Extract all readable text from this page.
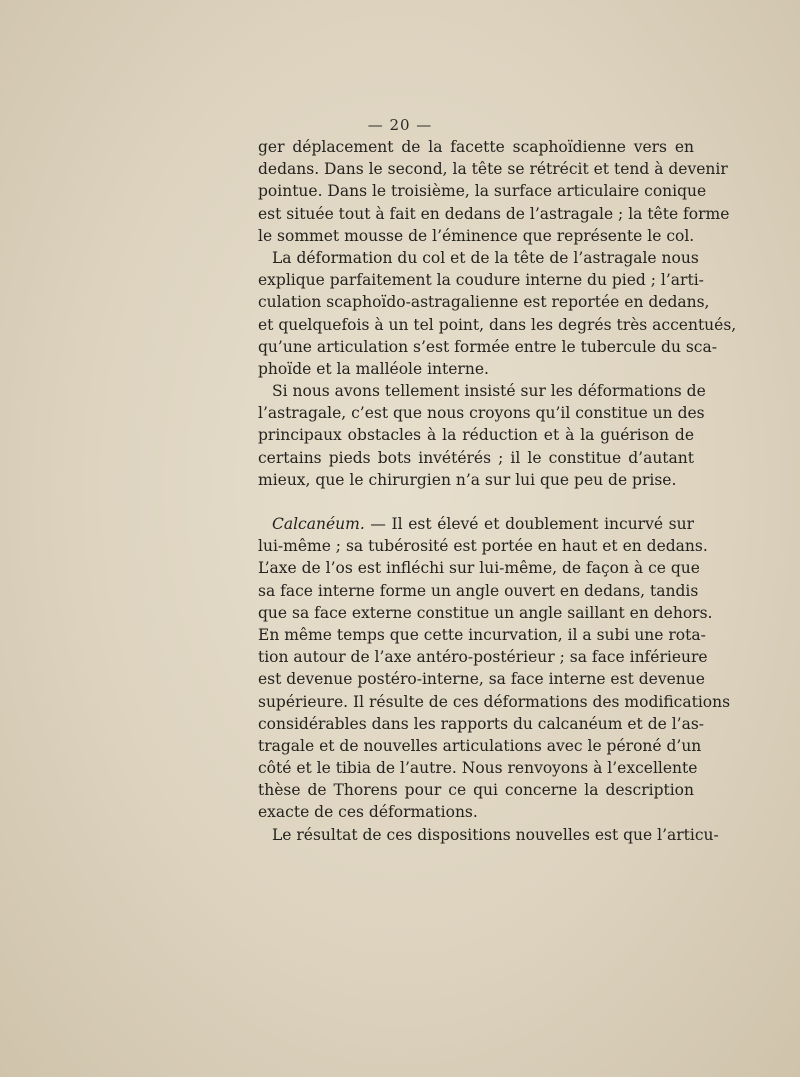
— 20 —
ger déplacement de la facette scaphoïdienne vers en
dedans. Dans le second, la tête se rétrécit et tend à devenir
pointue. Dans le troisième, la surface articulaire conique
est située tout à fait en dedans de l’astragale ; la tête forme
le sommet mousse de l’éminence que représente le col.
La déformation du col et de la tête de l’astragale nous
explique parfaitement la coudure interne du pied ; l’arti-
culation scaphoïdo-astragalienne est reportée en dedans,
et quelquefois à un tel point, dans les degrés très accentués,
qu’une articulation s’est formée entre le tubercule du sca-
phoïde et la malléole interne.
Si nous avons tellement insisté sur les déformations de
l’astragale, c’est que nous croyons qu’il constitue un des
principaux obstacles à la réduction et à la guérison de
certains pieds bots invétérés ; il le constitue d’autant
mieux, que le chirurgien n’a sur lui que peu de prise.
Calcanéum. — Il est élevé et doublement incurvé sur
lui-même ; sa tubérosité est portée en haut et en dedans.
L’axe de l’os est infléchi sur lui-même, de façon à ce que
sa face interne forme un angle ouvert en dedans, tandis
que sa face externe constitue un angle saillant en dehors.
En même temps que cette incurvation, il a subi une rota-
tion autour de l’axe antéro-postérieur ; sa face inférieure
est devenue postéro-interne, sa face interne est devenue
supérieure. Il résulte de ces déformations des modifications
considérables dans les rapports du calcanéum et de l’as-
tragale et de nouvelles articulations avec le péroné d’un
côté et le tibia de l’autre. Nous renvoyons à l’excellente
thèse de Thorens pour ce qui concerne la description
exacte de ces déformations.
Le résultat de ces dispositions nouvelles est que l’articu-
